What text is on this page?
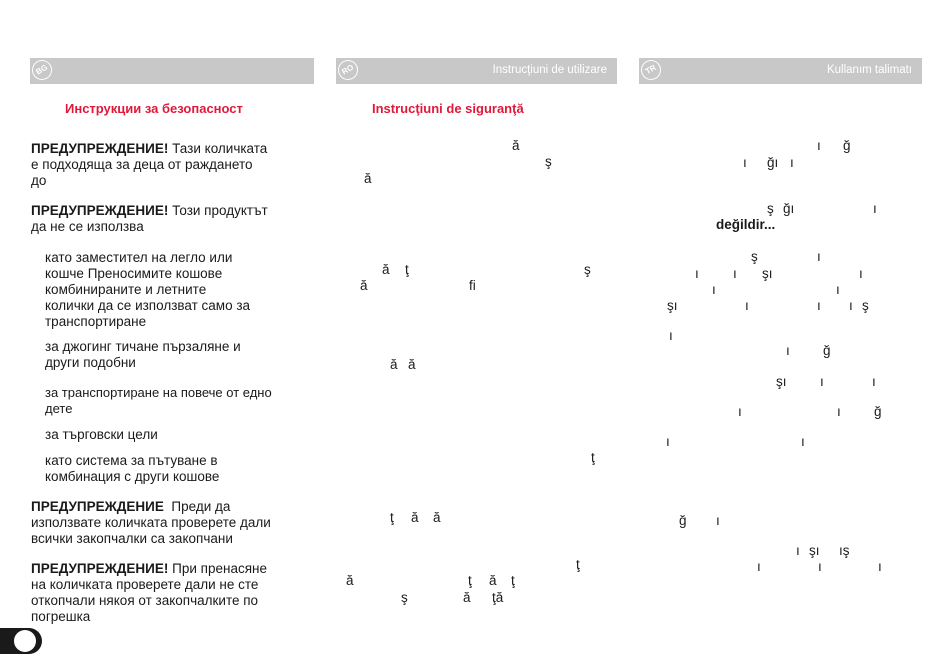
BG
Инструкции за безопасност
ПРЕДУПРЕЖДЕНИЕ! Тази количката
е подходяща за деца от раждането
до
ПРЕДУПРЕЖДЕНИЕ! Този продуктът
да не се използва
като заместител на легло или
кошче Преносимите кошове
комбинираните и летните
колички да се използват само за
транспортиране
за джогинг тичане пързаляне и
други подобни
за транспортиране на повече от едно
дете
за търговски цели
като система за пътуване в
комбинация с други кошове
ПРЕДУПРЕЖДЕНИЕ Преди да
използвате количката проверете дали
всички закопчалки са закопчани
ПРЕДУПРЕЖДЕНИЕ! При пренасяне
на количката проверете дали не сте
откопчали някоя от закопчалките по
погрешка
RO	Instrucţiuni de utilizare
Instrucţiuni de siguranţă
ă
ş
ă
ă ţ	ş
ă	fi
ă ă
ţ
ţ ă ă
ţ
ă	ţ ă ţ
ş	ă ţă
TR	Kullanım talimatı
ı ğ
ı ğı ı
ş ğı	ı
değildir...
ş	ı
ı	ı şı	ı
ı	ı
şı	ı	ı ı ş
ı
ı ğ
şı ı	ı
ı	ı ğ
ı	ı
ğ ı
ı şı ış
ı	ı	ı
